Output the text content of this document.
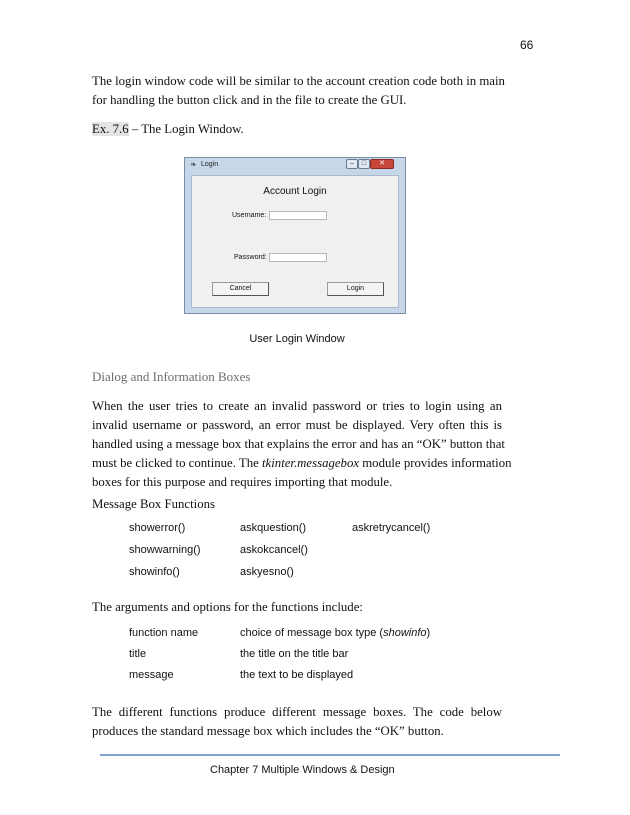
66
The login window code will be similar to the account creation code both in main
for handling the button click and in the file to create the GUI.
Ex. 7.6 – The Login Window.
❧ Login	–	□	✕
Account Login
Username:
Password:
Cancel	Login
User Login Window
Dialog and Information Boxes
When the user tries to create an invalid password or tries to login using an
invalid username or password, an error must be displayed. Very often this is
handled using a message box that explains the error and has an “OK” button that
must be clicked to continue. The tkinter.messagebox module provides information
boxes for this purpose and requires importing that module.
Message Box Functions
showerror()	askquestion()	askretrycancel()
showwarning()	askokcancel()
showinfo()	askyesno()
The arguments and options for the functions include:
function name	choice of message box type (showinfo)
title	the title on the title bar
message	the text to be displayed
The different functions produce different message boxes. The code below
produces the standard message box which includes the “OK” button.
Chapter 7 Multiple Windows & Design
